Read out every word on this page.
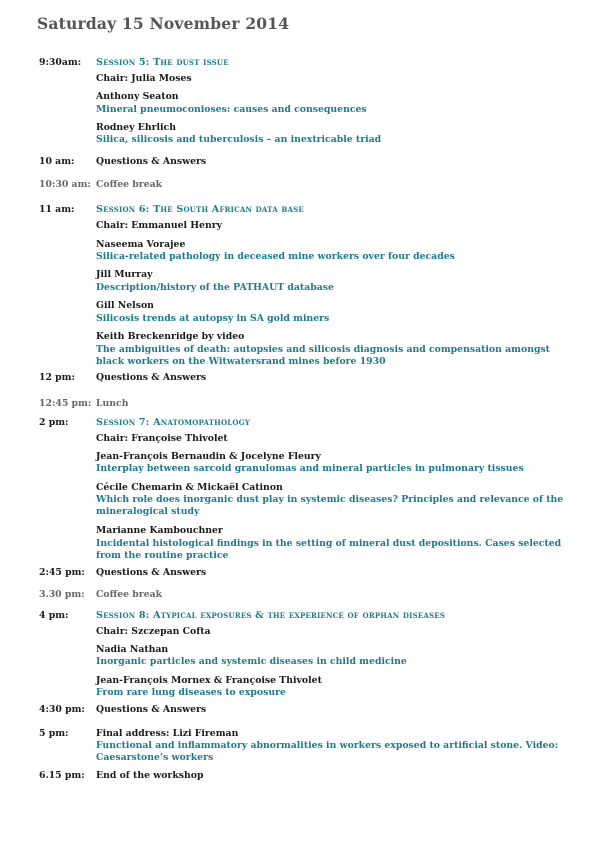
Saturday 15 November 2014
9:30am:	Session 5: The dust issue
Chair: Julia Moses
Anthony Seaton
Mineral pneumoconioses: causes and consequences
Rodney Ehrlich
Silica, silicosis and tuberculosis – an inextricable triad
10 am:	Questions & Answers
10:30 am: Coffee break
11 am:	Session 6: The South African data base
Chair: Emmanuel Henry
Naseema Vorajee
Silica-related pathology in deceased mine workers over four decades
Jill Murray
Description/history of the PATHAUT database
Gill Nelson
Silicosis trends at autopsy in SA gold miners
Keith Breckenridge by video
The ambiguities of death: autopsies and silicosis diagnosis and compensation amongst black workers on the Witwatersrand mines before 1930
12 pm:	Questions & Answers
12:45 pm: Lunch
2 pm:	Session 7: Anatomopathology
Chair: Françoise Thivolet
Jean-François Bernaudin & Jocelyne Fleury
Interplay between sarcoid granulomas and mineral particles in pulmonary tissues
Cécile Chemarin & Mickaël Catinon
Which role does inorganic dust play in systemic diseases? Principles and relevance of the mineralogical study
Marianne Kambouchner
Incidental histological findings in the setting of mineral dust depositions. Cases selected from the routine practice
2:45 pm:	Questions & Answers
3.30 pm:	Coffee break
4 pm:	Session 8: Atypical exposures & the experience of orphan diseases
Chair: Szczepan Cofta
Nadia Nathan
Inorganic particles and systemic diseases in child medicine
Jean-François Mornex & Françoise Thivolet
From rare lung diseases to exposure
4:30 pm:	Questions & Answers
5 pm:	Final address: Lizi Fireman
Functional and inflammatory abnormalities in workers exposed to artificial stone. Video: Caesarstone’s workers
6.15 pm:	End of the workshop
